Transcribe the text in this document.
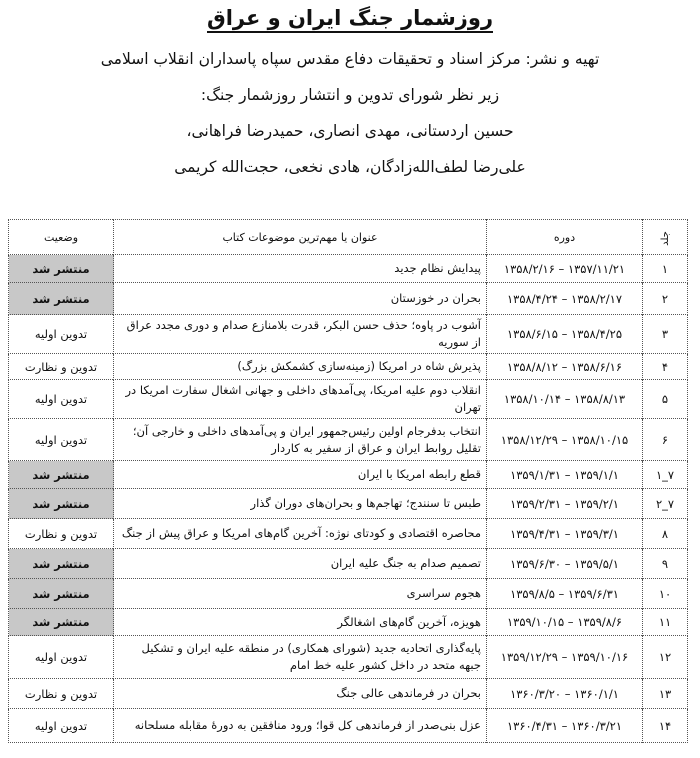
روزشمار جنگ ایران و عراق
تهیه و نشر: مرکز اسناد و تحقیقات دفاع مقدس سپاه پاسداران انقلاب اسلامی
زیر نظر شورای تدوین و انتشار روزشمار جنگ:
حسین اردستانی، مهدی انصاری، حمیدرضا فراهانی،
علی‌رضا لطف‌الله‌زادگان، هادی نخعی، حجت‌الله کریمی
جلد	دوره	عنوان یا مهم‌ترین موضوعات کتاب	وضعیت
۱	۱۳۵۸/۲/۱۶ – ۱۳۵۷/۱۱/۲۱	پیدایش نظام جدید	منتشر شد
۲	۱۳۵۸/۴/۲۴ – ۱۳۵۸/۲/۱۷	بحران در خوزستان	منتشر شد
۳	۱۳۵۸/۶/۱۵ – ۱۳۵۸/۴/۲۵	آشوب در پاوه؛ حذف حسن البکر، قدرت بلامنازع صدام و دوری مجدد عراق از سوریه	تدوین اولیه
۴	۱۳۵۸/۸/۱۲ – ۱۳۵۸/۶/۱۶	پذیرش شاه در امریکا (زمینه‌سازی کشمکش بزرگ)	تدوین و نظارت
۵	۱۳۵۸/۱۰/۱۴ – ۱۳۵۸/۸/۱۳	انقلاب دوم علیه امریکا، پی‌آمدهای داخلی و جهانی اشغال سفارت امریکا در تهران	تدوین اولیه
۶	۱۳۵۸/۱۲/۲۹ – ۱۳۵۸/۱۰/۱۵	انتخاب بدفرجام اولین رئیس‌جمهور ایران و پی‌آمدهای داخلی و خارجی آن؛ تقلیل روابط ایران و عراق از سفیر به کاردار	تدوین اولیه
۷_۱	۱۳۵۹/۱/۳۱ – ۱۳۵۹/۱/۱	قطع رابطه امریکا با ایران	منتشر شد
۷_۲	۱۳۵۹/۲/۳۱ – ۱۳۵۹/۲/۱	طبس تا سنندج؛ تهاجم‌ها و بحران‌های دوران گذار	منتشر شد
۸	۱۳۵۹/۴/۳۱ – ۱۳۵۹/۳/۱	محاصره اقتصادی و کودتای نوژه: آخرین گام‌های امریکا و عراق پیش از جنگ	تدوین و نظارت
۹	۱۳۵۹/۶/۳۰ – ۱۳۵۹/۵/۱	تصمیم صدام به جنگ علیه ایران	منتشر شد
۱۰	۱۳۵۹/۸/۵ – ۱۳۵۹/۶/۳۱	هجوم سراسری	منتشر شد
۱۱	۱۳۵۹/۱۰/۱۵ – ۱۳۵۹/۸/۶	هویزه، آخرین گام‌های اشغالگر	منتشر شد
۱۲	۱۳۵۹/۱۲/۲۹ – ۱۳۵۹/۱۰/۱۶	پایه‌گذاری اتحادیه جدید (شورای همکاری) در منطقه علیه ایران و تشکیل جبهه متحد در داخل کشور علیه خط امام	تدوین اولیه
۱۳	۱۳۶۰/۳/۲۰ – ۱۳۶۰/۱/۱	بحران در فرماندهی عالی جنگ	تدوین و نظارت
۱۴	۱۳۶۰/۴/۳۱ – ۱۳۶۰/۳/۲۱	عزل بنی‌صدر از فرماندهی کل قوا؛ ورود منافقین به دورهٔ مقابله مسلحانه	تدوین اولیه
